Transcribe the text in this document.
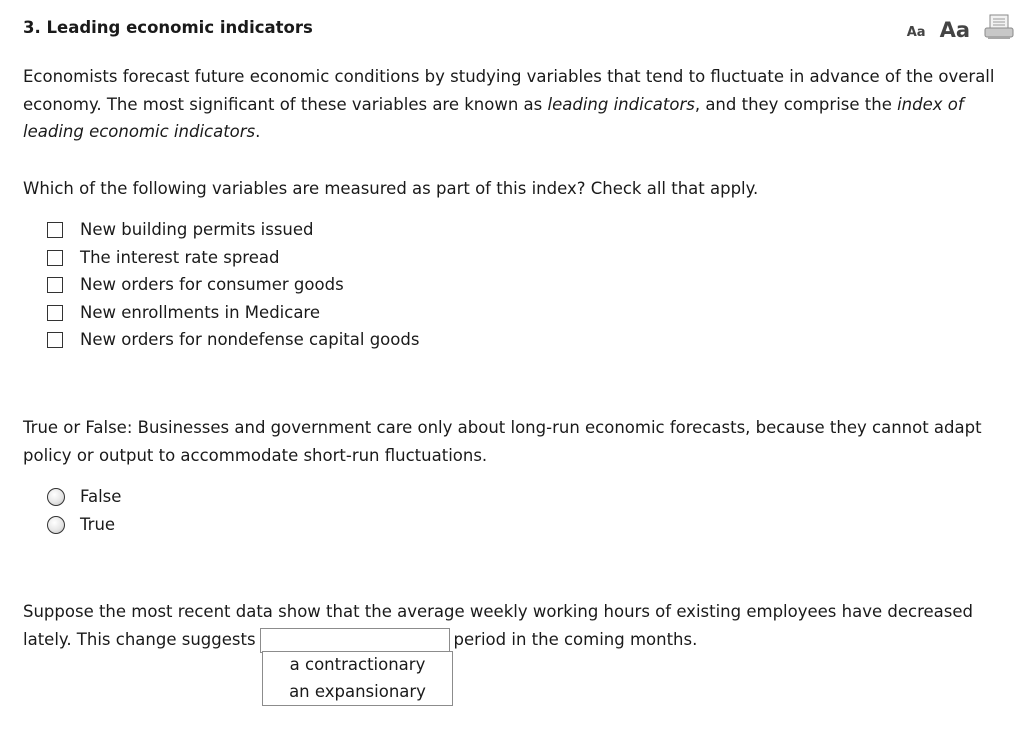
3. Leading economic indicators	Aa Aa
Economists forecast future economic conditions by studying variables that tend to fluctuate in advance of the overall economy. The most significant of these variables are known as leading indicators, and they comprise the index of leading economic indicators.
Which of the following variables are measured as part of this index? Check all that apply.
New building permits issued
The interest rate spread
New orders for consumer goods
New enrollments in Medicare
New orders for nondefense capital goods
True or False: Businesses and government care only about long-run economic forecasts, because they cannot adapt policy or output to accommodate short-run fluctuations.
False
True
Suppose the most recent data show that the average weekly working hours of existing employees have decreased lately. This change suggests	period in the coming months.
a contractionary
an expansionary
